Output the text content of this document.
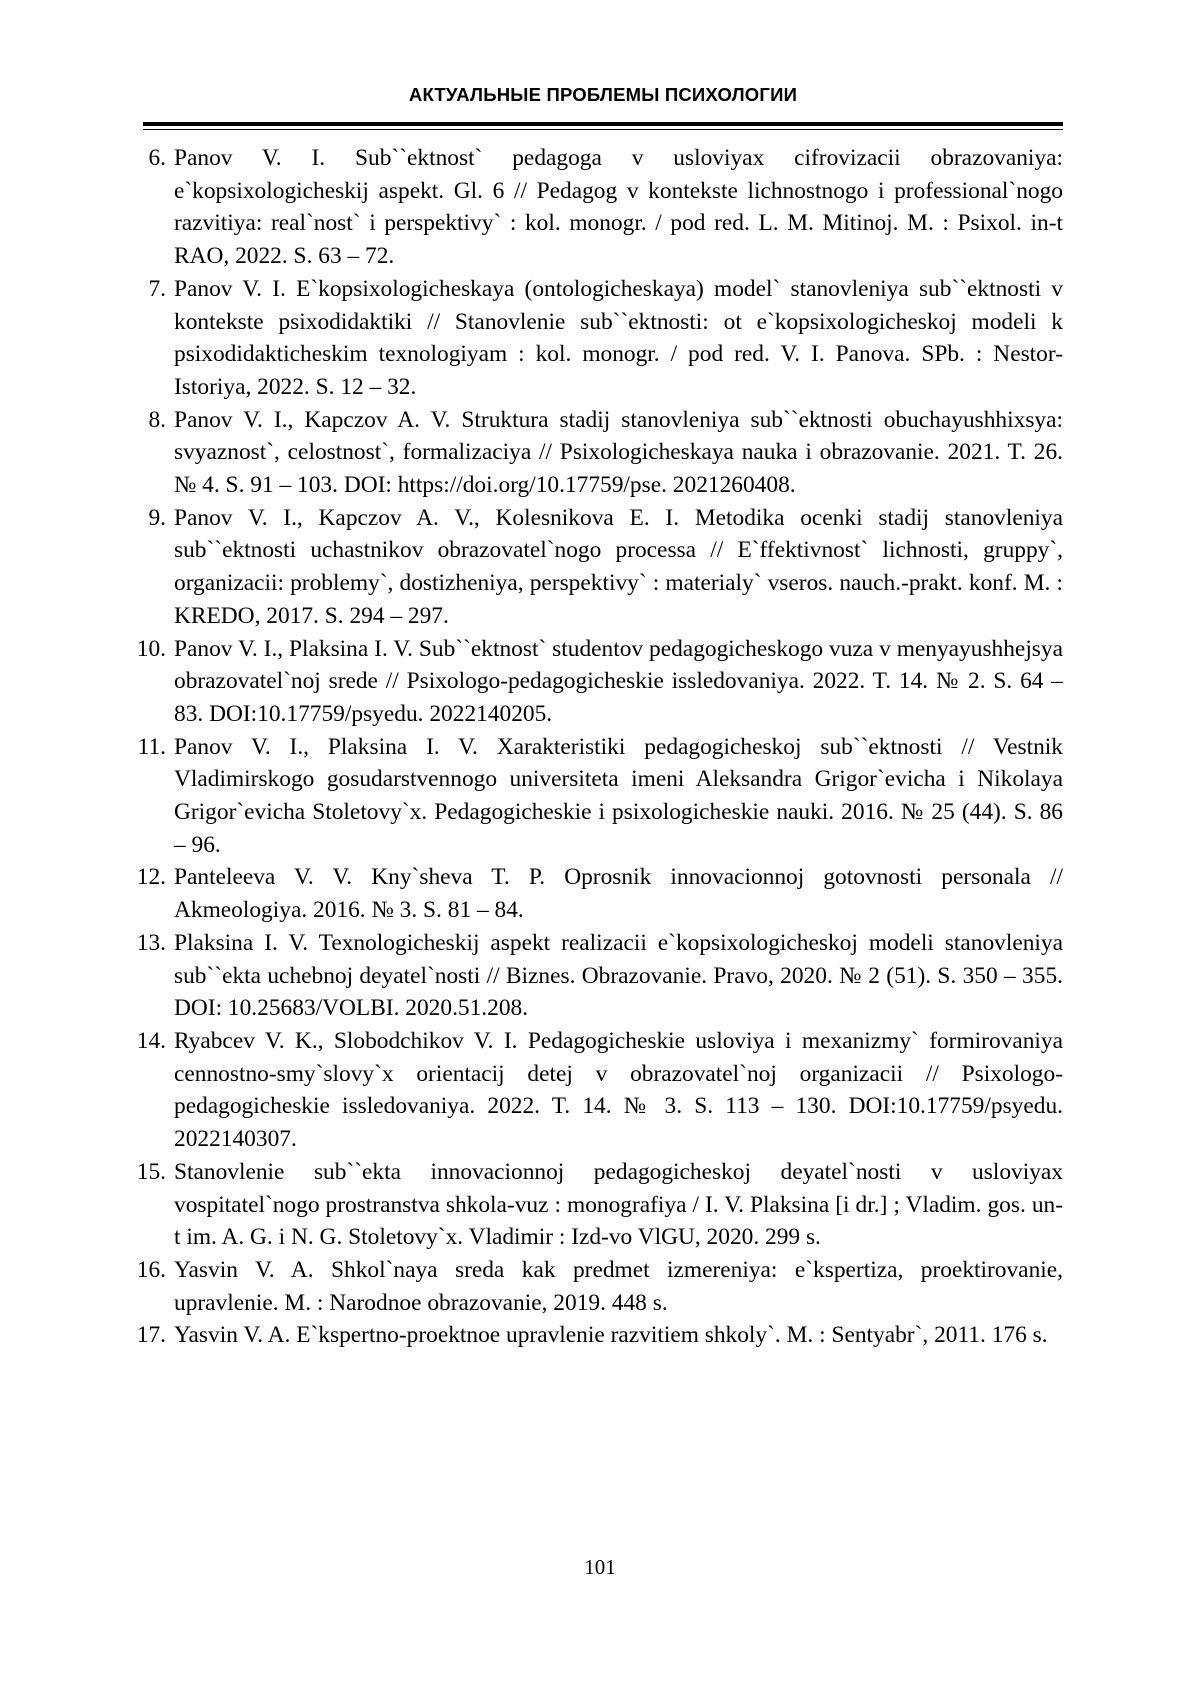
АКТУАЛЬНЫЕ ПРОБЛЕМЫ ПСИХОЛОГИИ
6. Panov V. I. Sub``ektnost` pedagoga v usloviyax cifrovizacii obrazovaniya: e`kopsix­ologicheskij aspekt. Gl. 6 // Pedagog v kontekste lichnostnogo i professional`nogo razvitiya: real`nost` i perspektivy` : kol. monogr. / pod red. L. M. Mitinoj. M. : Psixol. in-t RAO, 2022. S. 63 – 72.
7. Panov V. I. E`kopsixologicheskaya (ontologicheskaya) model` stanovleniya sub``ektnosti v kontekste psixodidaktiki // Stanovlenie sub``ektnosti: ot e`kopsixo­logicheskoj modeli k psixodidakticheskim texnologiyam : kol. monogr. / pod red. V. I. Panova. SPb. : Nestor-Istoriya, 2022. S. 12 – 32.
8. Panov V. I., Kapczov A. V. Struktura stadij stanovleniya sub``ektnosti obuchayush­hixsya: svyaznost`, celostnost`, formalizaciya // Psixologicheskaya nauka i obra­zovanie. 2021. T. 26. № 4. S. 91 – 103. DOI: https://doi.org/10.17759/pse. 2021260408.
9. Panov V. I., Kapczov A. V., Kolesnikova E. I. Metodika ocenki stadij stanovleniya sub``ektnosti uchastnikov obrazovatel`nogo processa // E`ffektivnost` lichnosti, gruppy`, organizacii: problemy`, dostizheniya, perspektivy` : materialy` vseros. nauch.-prakt. konf. M. : KREDO, 2017. S. 294 – 297.
10. Panov V. I., Plaksina I. V. Sub``ektnost` studentov pedagogicheskogo vuza v menyayushhejsya obrazovatel`noj srede // Psixologo-pedagogicheskie issledovaniya. 2022. T. 14. № 2. S. 64 – 83. DOI:10.17759/psyedu. 2022140205.
11. Panov V. I., Plaksina I. V. Xarakteristiki pedagogicheskoj sub``ektnosti // Vestnik Vladimirskogo gosudarstvennogo universiteta imeni Aleksandra Grigor`evicha i Ni­kolaya Grigor`evicha Stoletovy`x. Pedagogicheskie i psixologicheskie nauki. 2016. № 25 (44). S. 86 – 96.
12. Panteleeva V. V. Kny`sheva T. P. Oprosnik innovacionnoj gotovnosti personala // Akmeologiya. 2016. № 3. S. 81 – 84.
13. Plaksina I. V. Texnologicheskij aspekt realizacii e`kopsixologicheskoj modeli stanovleniya sub``ekta uchebnoj deyatel`nosti // Biznes. Obrazovanie. Pravo, 2020. № 2 (51). S. 350 – 355. DOI: 10.25683/VOLBI. 2020.51.208.
14. Ryabcev V. K., Slobodchikov V. I. Pedagogicheskie usloviya i mexanizmy` formi­rovaniya cennostno-smy`slovy`x orientacij detej v obrazovatel`noj organizacii // Psixologo-pedagogicheskie issledovaniya. 2022. T. 14. № 3. S. 113 – 130. DOI:10.17759/psyedu. 2022140307.
15. Stanovlenie sub``ekta innovacionnoj pedagogicheskoj deyatel`nosti v usloviyax vospitatel`nogo prostranstva shkola-vuz : monografiya / I. V. Plaksina [i dr.] ; Vla­dim. gos. un-t im. A. G. i N. G. Stoletovy`x. Vladimir : Izd-vo VlGU, 2020. 299 s.
16. Yasvin V. A. Shkol`naya sreda kak predmet izmereniya: e`kspertiza, proektirovanie, upravlenie. M. : Narodnoe obrazovanie, 2019. 448 s.
17. Yasvin V. A. E`kspertno-proektnoe upravlenie razvitiem shkoly`. M. : Sentyabr`, 2011. 176 s.
101
